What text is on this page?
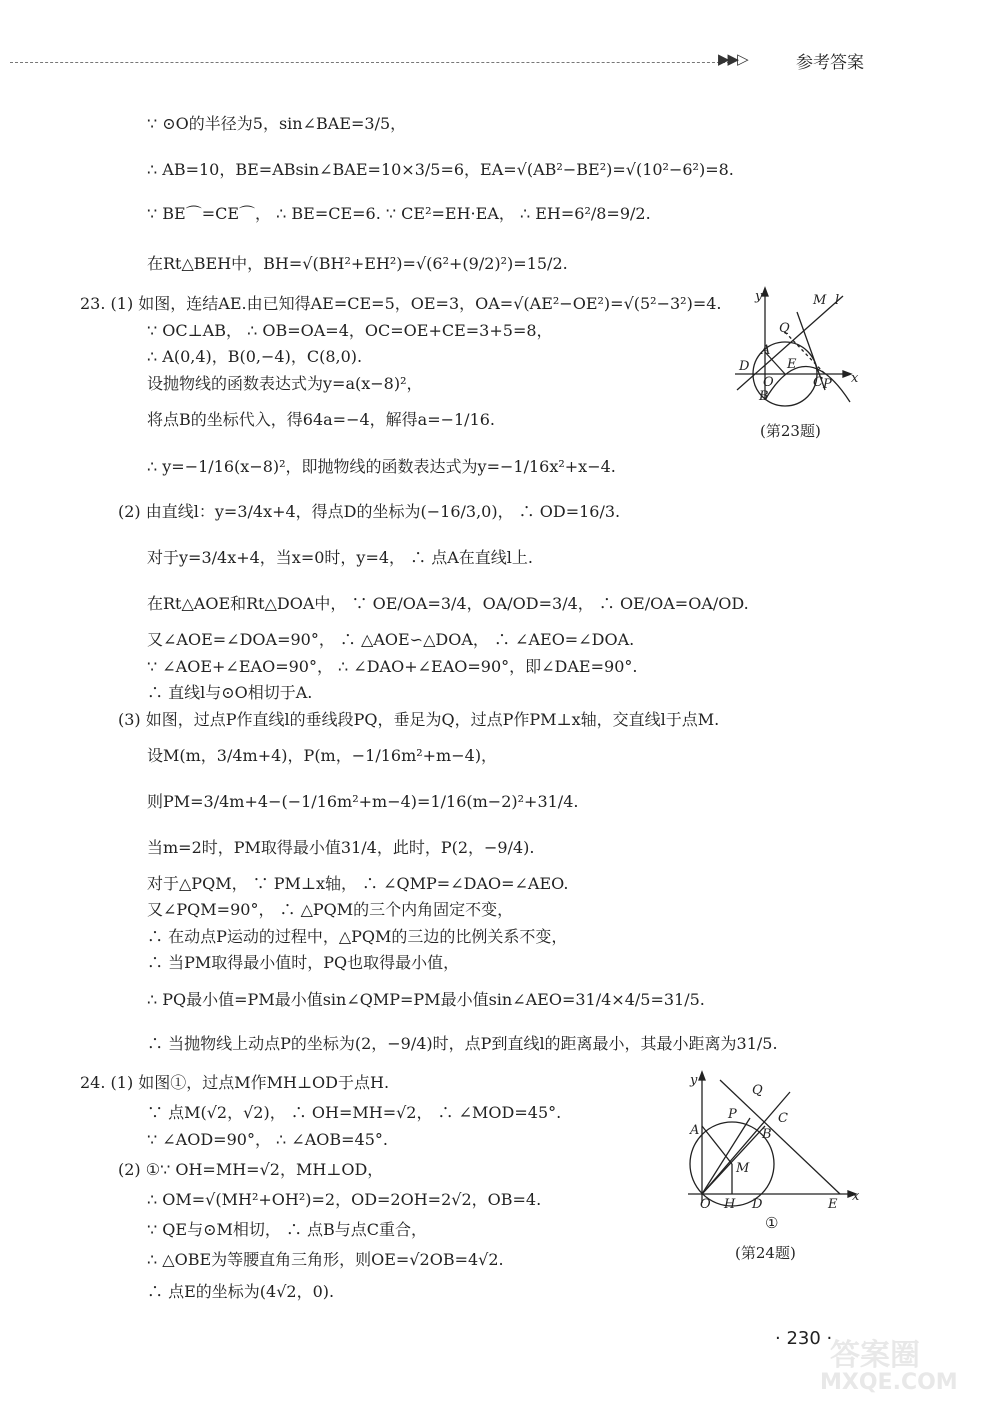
▶▶▷	参考答案
∵ ⊙O的半径为5，sin∠BAE=3/5，
∴ AB=10，BE=ABsin∠BAE=10×3/5=6，EA=√(AB²−BE²)=√(10²−6²)=8.
∵ BE⌒=CE⌒， ∴ BE=CE=6. ∵ CE²=EH·EA， ∴ EH=6²/8=9/2.
在Rt△BEH中，BH=√(BH²+EH²)=√(6²+(9/2)²)=15/2.
23. (1) 如图，连结AE.由已知得AE=CE=5，OE=3，OA=√(AE²−OE²)=√(5²−3²)=4.
∵ OC⊥AB， ∴ OB=OA=4，OC=OE+CE=3+5=8，
∴ A(0,4)，B(0,−4)，C(8,0).
设抛物线的函数表达式为y=a(x−8)²，
将点B的坐标代入，得64a=−4，解得a=−1/16.
∴ y=−1/16(x−8)²，即抛物线的函数表达式为y=−1/16x²+x−4.
(2) 由直线l：y=3/4x+4，得点D的坐标为(−16/3,0)， ∴ OD=16/3.
对于y=3/4x+4，当x=0时，y=4， ∴ 点A在直线l上.
在Rt△AOE和Rt△DOA中， ∵ OE/OA=3/4，OA/OD=3/4， ∴ OE/OA=OA/OD.
又∠AOE=∠DOA=90°， ∴ △AOE∽△DOA， ∴ ∠AEO=∠DOA.
∵ ∠AOE+∠EAO=90°， ∴ ∠DAO+∠EAO=90°，即∠DAE=90°.
∴ 直线l与⊙O相切于A.
(3) 如图，过点P作直线l的垂线段PQ，垂足为Q，过点P作PM⊥x轴，交直线l于点M.
设M(m，3/4m+4)，P(m，−1/16m²+m−4)，
则PM=3/4m+4−(−1/16m²+m−4)=1/16(m−2)²+31/4.
当m=2时，PM取得最小值31/4，此时，P(2，−9/4).
对于△PQM， ∵ PM⊥x轴， ∴ ∠QMP=∠DAO=∠AEO.
又∠PQM=90°， ∴ △PQM的三个内角固定不变，
∴ 在动点P运动的过程中，△PQM的三边的比例关系不变，
∴ 当PM取得最小值时，PQ也取得最小值，
∴ PQ最小值=PM最小值sin∠QMP=PM最小值sin∠AEO=31/4×4/5=31/5.
∴ 当抛物线上动点P的坐标为(2，−9/4)时，点P到直线l的距离最小，其最小距离为31/5.
24. (1) 如图①，过点M作MH⊥OD于点H.
∵ 点M(√2，√2)， ∴ OH=MH=√2， ∴ ∠MOD=45°.
∵ ∠AOD=90°， ∴ ∠AOB=45°.
(2) ①∵ OH=MH=√2，MH⊥OD，
∴ OM=√(MH²+OH²)=2，OD=2OH=2√2，OB=4.
∵ QE与⊙M相切， ∴ 点B与点C重合，
∴ △OBE为等腰直角三角形，则OE=√2OB=4√2.
∴ 点E的坐标为(4√2，0).
y
x
M l
Q
A
E
D
O
B
C P
(第23题)
y
x
Q
P	C
A	B
M
O H D	E
①
(第24题)
· 230 ·
答案圈
MXQE.COM
